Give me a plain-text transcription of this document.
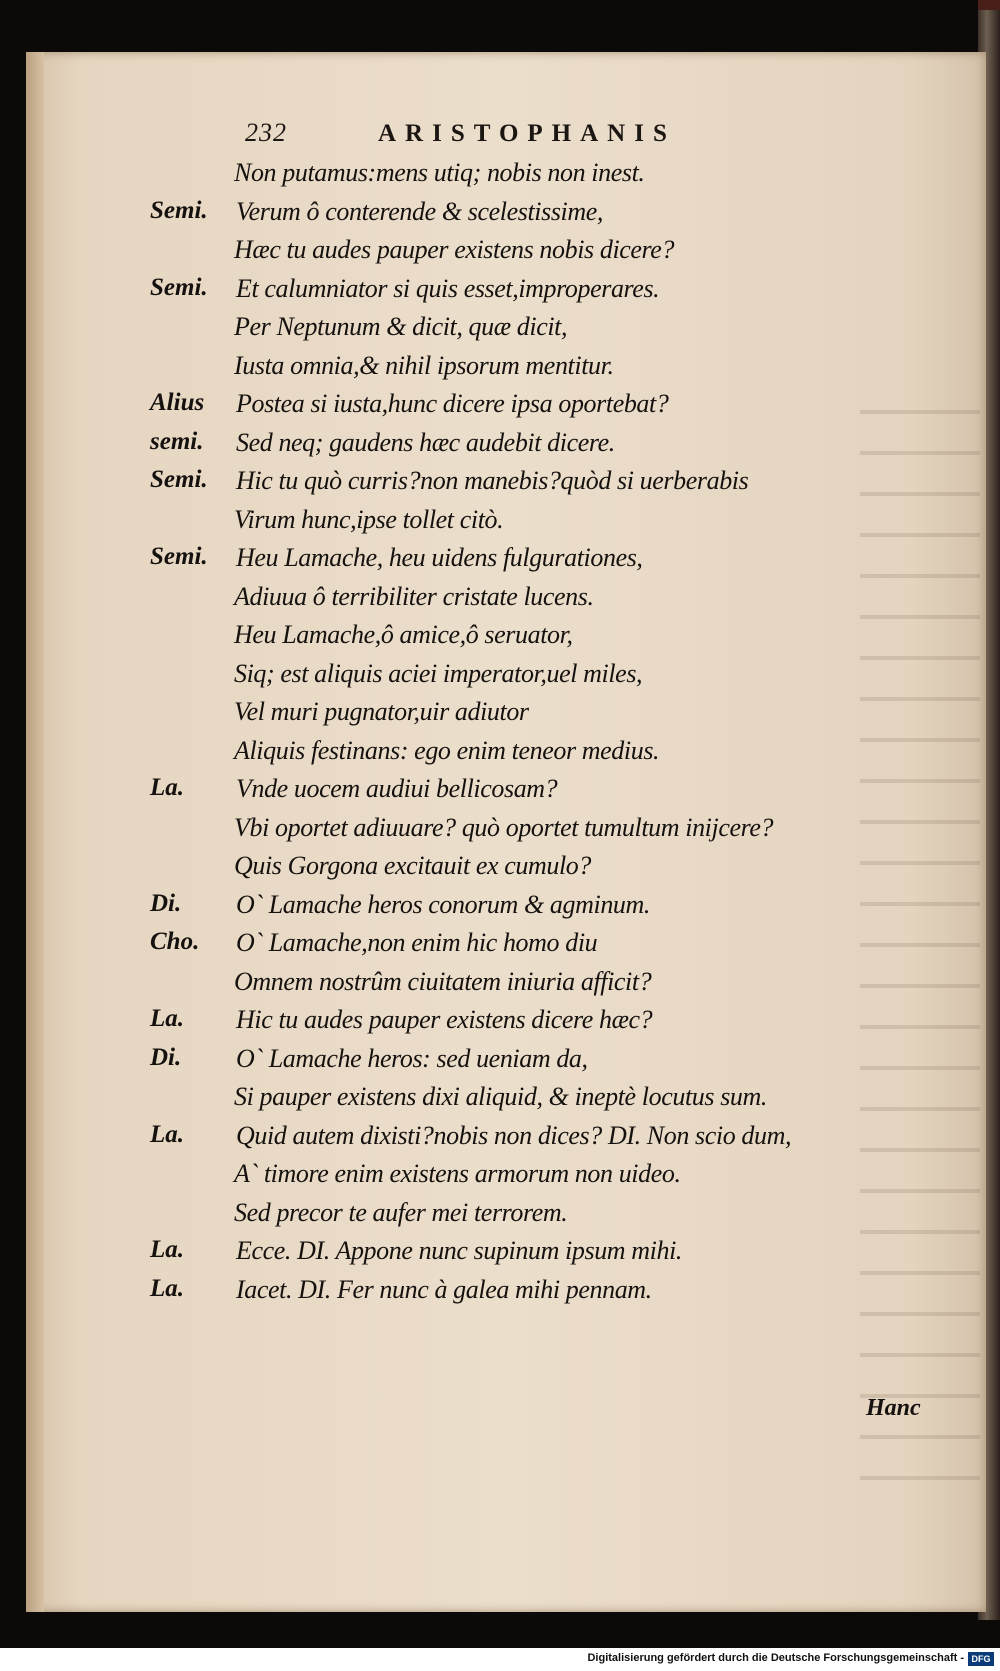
232	ARISTOPHANIS
Non putamus:mens utiq; nobis non inest.
Semi. Verum ô conterende & scelestissime,
Hæc tu audes pauper existens nobis dicere?
Semi. Et calumniator si quis esset,improperares.
Per Neptunum & dicit, quæ dicit,
Iusta omnia,& nihil ipsorum mentitur.
Alius Postea si iusta,hunc dicere ipsa oportebat?
semi. Sed neq; gaudens hæc audebit dicere.
Semi. Hic tu quò curris?non manebis?quòd si uerberabis
Virum hunc,ipse tollet citò.
Semi. Heu Lamache, heu uidens fulgurationes,
Adiuua ô terribiliter cristate lucens.
Heu Lamache,ô amice,ô seruator,
Siq; est aliquis aciei imperator,uel miles,
Vel muri pugnator,uir adiutor
Aliquis festinans: ego enim teneor medius.
La. Vnde uocem audiui bellicosam?
Vbi oportet adiuuare? quò oportet tumultum inijcere?
Quis Gorgona excitauit ex cumulo?
Di. O` Lamache heros conorum & agminum.
Cho. O` Lamache,non enim hic homo diu
Omnem nostrûm ciuitatem iniuria afficit?
La. Hic tu audes pauper existens dicere hæc?
Di. O` Lamache heros: sed ueniam da,
Si pauper existens dixi aliquid, & ineptè locutus sum.
La. Quid autem dixisti?nobis non dices? DI. Non scio dum,
A` timore enim existens armorum non uideo.
Sed precor te aufer mei terrorem.
La. Ecce. DI. Appone nunc supinum ipsum mihi.
La. Iacet. DI. Fer nunc à galea mihi pennam.
Hanc
Digitalisierung gefördert durch die Deutsche Forschungsgemeinschaft - DFG
